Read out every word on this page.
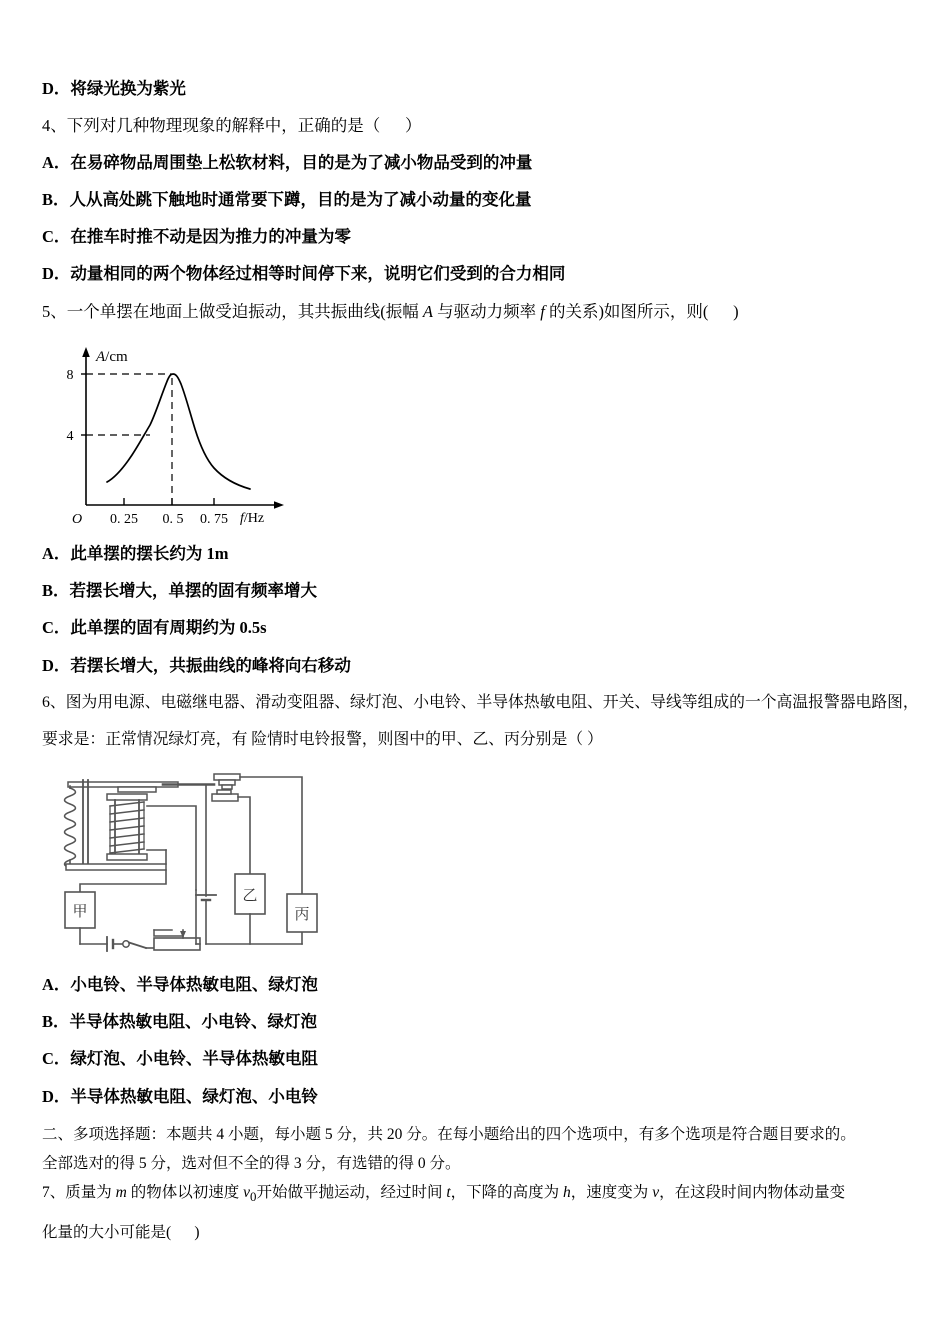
D．将绿光换为紫光

4、下列对几种物理现象的解释中，正确的是（      ）

A．在易碎物品周围垫上松软材料，目的是为了减小物品受到的冲量

B．人从高处跳下触地时通常要下蹲，目的是为了减小动量的变化量

C．在推车时推不动是因为推力的冲量为零

D．动量相同的两个物体经过相等时间停下来，说明它们受到的合力相同

5、一个单摆在地面上做受迫振动，其共振曲线(振幅 A 与驱动力频率 f 的关系)如图所示，则(      )

A/cm
f/Hz
O
8
4
0. 25 0. 5 0. 75

A．此单摆的摆长约为 1m

B．若摆长增大，单摆的固有频率增大

C．此单摆的固有周期约为 0.5s

D．若摆长增大，共振曲线的峰将向右移动

6、图为用电源、电磁继电器、滑动变阻器、绿灯泡、小电铃、半导体热敏电阻、开关、导线等组成的一个高温报警器电路图，

要求是：正常情况绿灯亮，有 险情时电铃报警，则图中的甲、乙、丙分别是（ ）

甲
乙
丙

A．小电铃、半导体热敏电阻、绿灯泡

B．半导体热敏电阻、小电铃、绿灯泡

C．绿灯泡、小电铃、半导体热敏电阻

D．半导体热敏电阻、绿灯泡、小电铃

二、多项选择题：本题共 4 小题，每小题 5 分，共 20 分。在每小题给出的四个选项中，有多个选项是符合题目要求的。

全部选对的得 5 分，选对但不全的得 3 分，有选错的得 0 分。

7、质量为 m 的物体以初速度 $v_0$开始做平抛运动，经过时间 t，下降的高度为 h，速度变为 v，在这段时间内物体动量变

化量的大小可能是(      )
